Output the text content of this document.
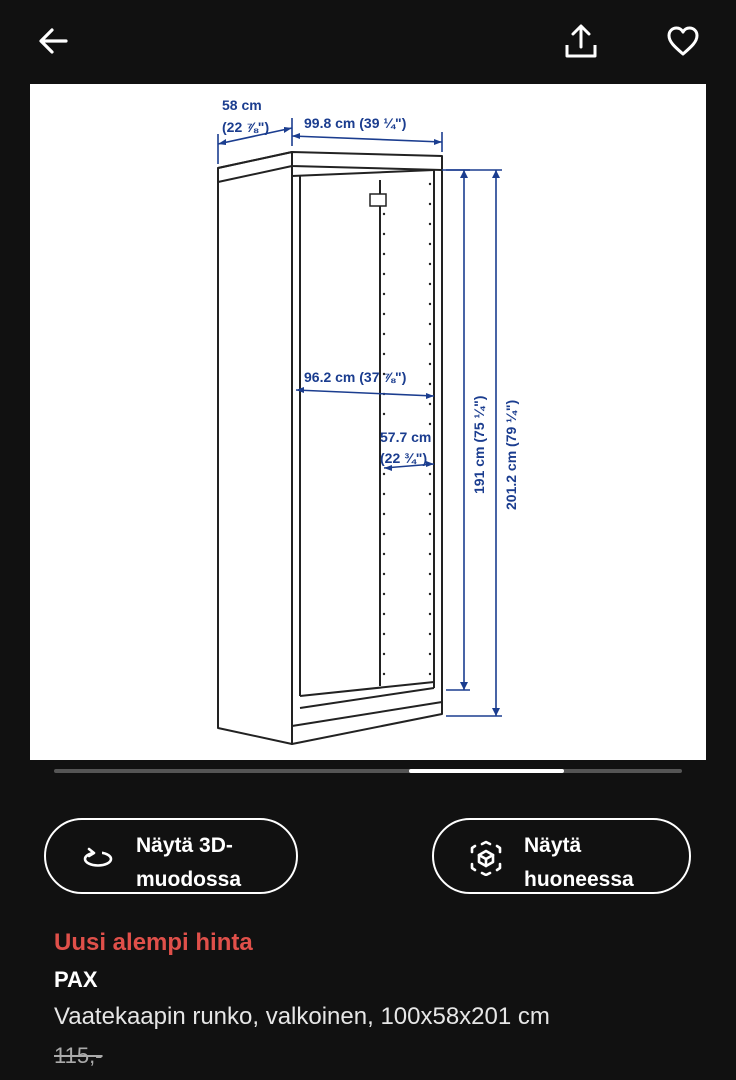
58 cm
(22 ⅞") 99.8 cm (39 ¼")
96.2 cm (37 ⅞")
57.7 cm
(22 ¾")	191 cm (75 ¼") 201.2 cm (79 ¼")
Näytä 3D-
muodossa
Näytä
huoneessa
Uusi alempi hinta
PAX
Vaatekaapin runko, valkoinen, 100x58x201 cm
115,-
